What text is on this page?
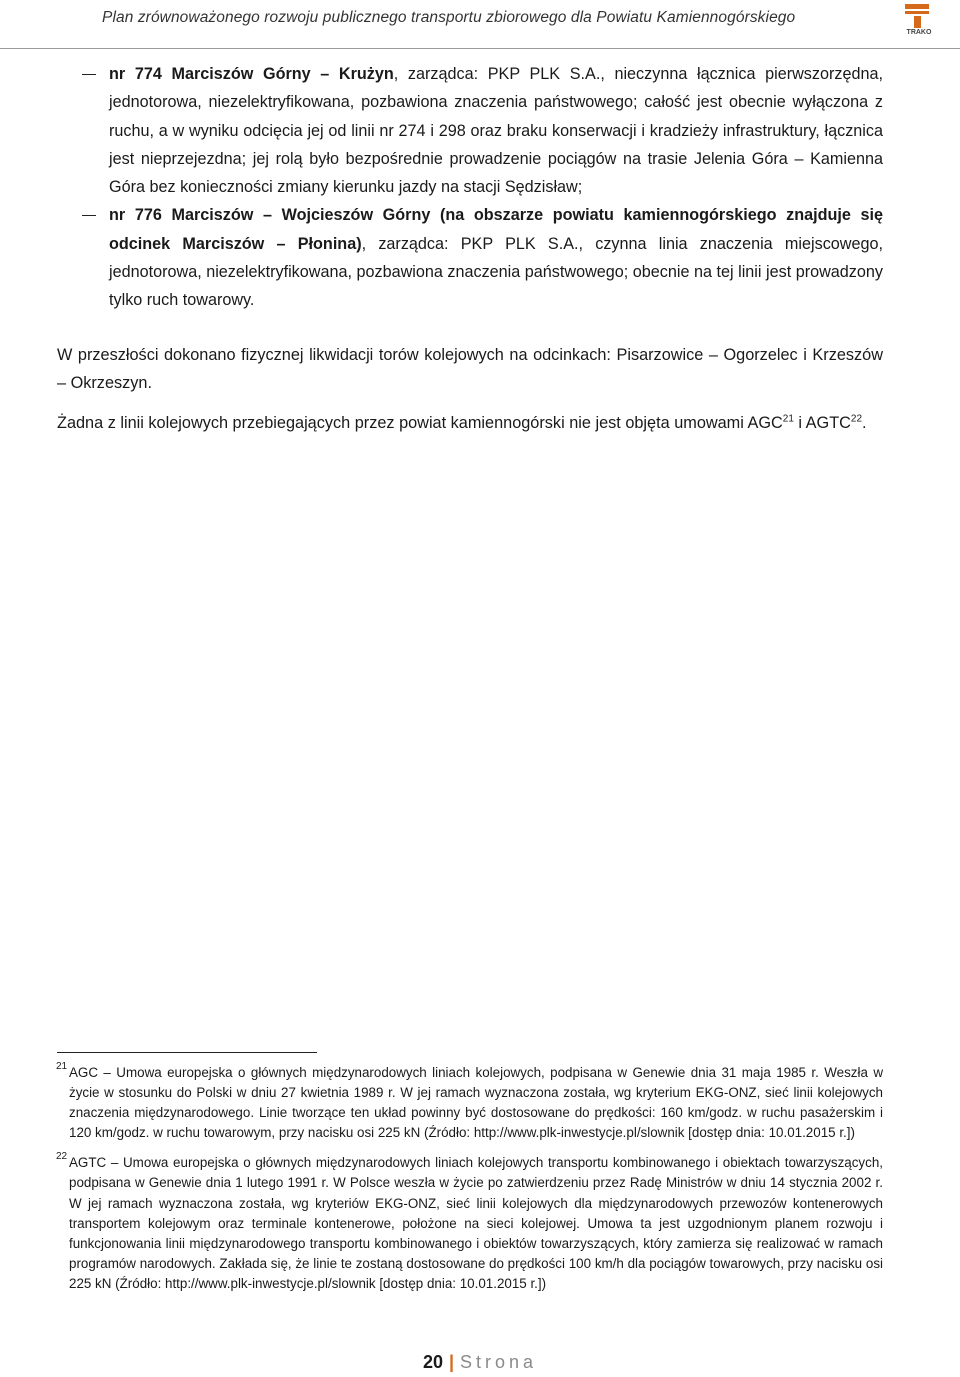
Plan zrównoważonego rozwoju publicznego transportu zbiorowego dla Powiatu Kamiennogórskiego
TRAKO
nr 774 Marciszów Górny – Krużyn, zarządca: PKP PLK S.A., nieczynna łącznica pierwszorzędna, jednotorowa, niezelektryfikowana, pozbawiona znaczenia państwowego; całość jest obecnie wyłączona z ruchu, a w wyniku odcięcia jej od linii nr 274 i 298 oraz braku konserwacji i kradzieży infrastruktury, łącznica jest nieprzejezdna; jej rolą było bezpośrednie prowadzenie pociągów na trasie Jelenia Góra – Kamienna Góra bez konieczności zmiany kierunku jazdy na stacji Sędzisław;
nr 776 Marciszów – Wojcieszów Górny (na obszarze powiatu kamiennogórskiego znajduje się odcinek Marciszów – Płonina), zarządca: PKP PLK S.A., czynna linia znaczenia miejscowego, jednotorowa, niezelektryfikowana, pozbawiona znaczenia państwowego; obecnie na tej linii jest prowadzony tylko ruch towarowy.

W przeszłości dokonano fizycznej likwidacji torów kolejowych na odcinkach: Pisarzowice – Ogorzelec i Krzeszów – Okrzeszyn.

Żadna z linii kolejowych przebiegających przez powiat kamiennogórski nie jest objęta umowami AGC$^{21}$ i AGTC$^{22}$.

21 AGC – Umowa europejska o głównych międzynarodowych liniach kolejowych, podpisana w Genewie dnia 31 maja 1985 r. Weszła w życie w stosunku do Polski w dniu 27 kwietnia 1989 r. W jej ramach wyznaczona została, wg kryterium EKG-ONZ, sieć linii kolejowych znaczenia międzynarodowego. Linie tworzące ten układ powinny być dostosowane do prędkości: 160 km/godz. w ruchu pasażerskim i 120 km/godz. w ruchu towarowym, przy nacisku osi 225 kN (Źródło: http://www.plk-inwestycje.pl/slownik [dostęp dnia: 10.01.2015 r.])
22 AGTC – Umowa europejska o głównych międzynarodowych liniach kolejowych transportu kombinowanego i obiektach towarzyszących, podpisana w Genewie dnia 1 lutego 1991 r. W Polsce weszła w życie po zatwierdzeniu przez Radę Ministrów w dniu 14 stycznia 2002 r. W jej ramach wyznaczona została, wg kryteriów EKG-ONZ, sieć linii kolejowych dla międzynarodowych przewozów kontenerowych transportem kolejowym oraz terminale kontenerowe, położone na sieci kolejowej. Umowa ta jest uzgodnionym planem rozwoju i funkcjonowania linii międzynarodowego transportu kombinowanego i obiektów towarzyszących, który zamierza się realizować w ramach programów narodowych. Zakłada się, że linie te zostaną dostosowane do prędkości 100 km/h dla pociągów towarowych, przy nacisku osi 225 kN (Źródło: http://www.plk-inwestycje.pl/slownik [dostęp dnia: 10.01.2015 r.])
20 | Strona
